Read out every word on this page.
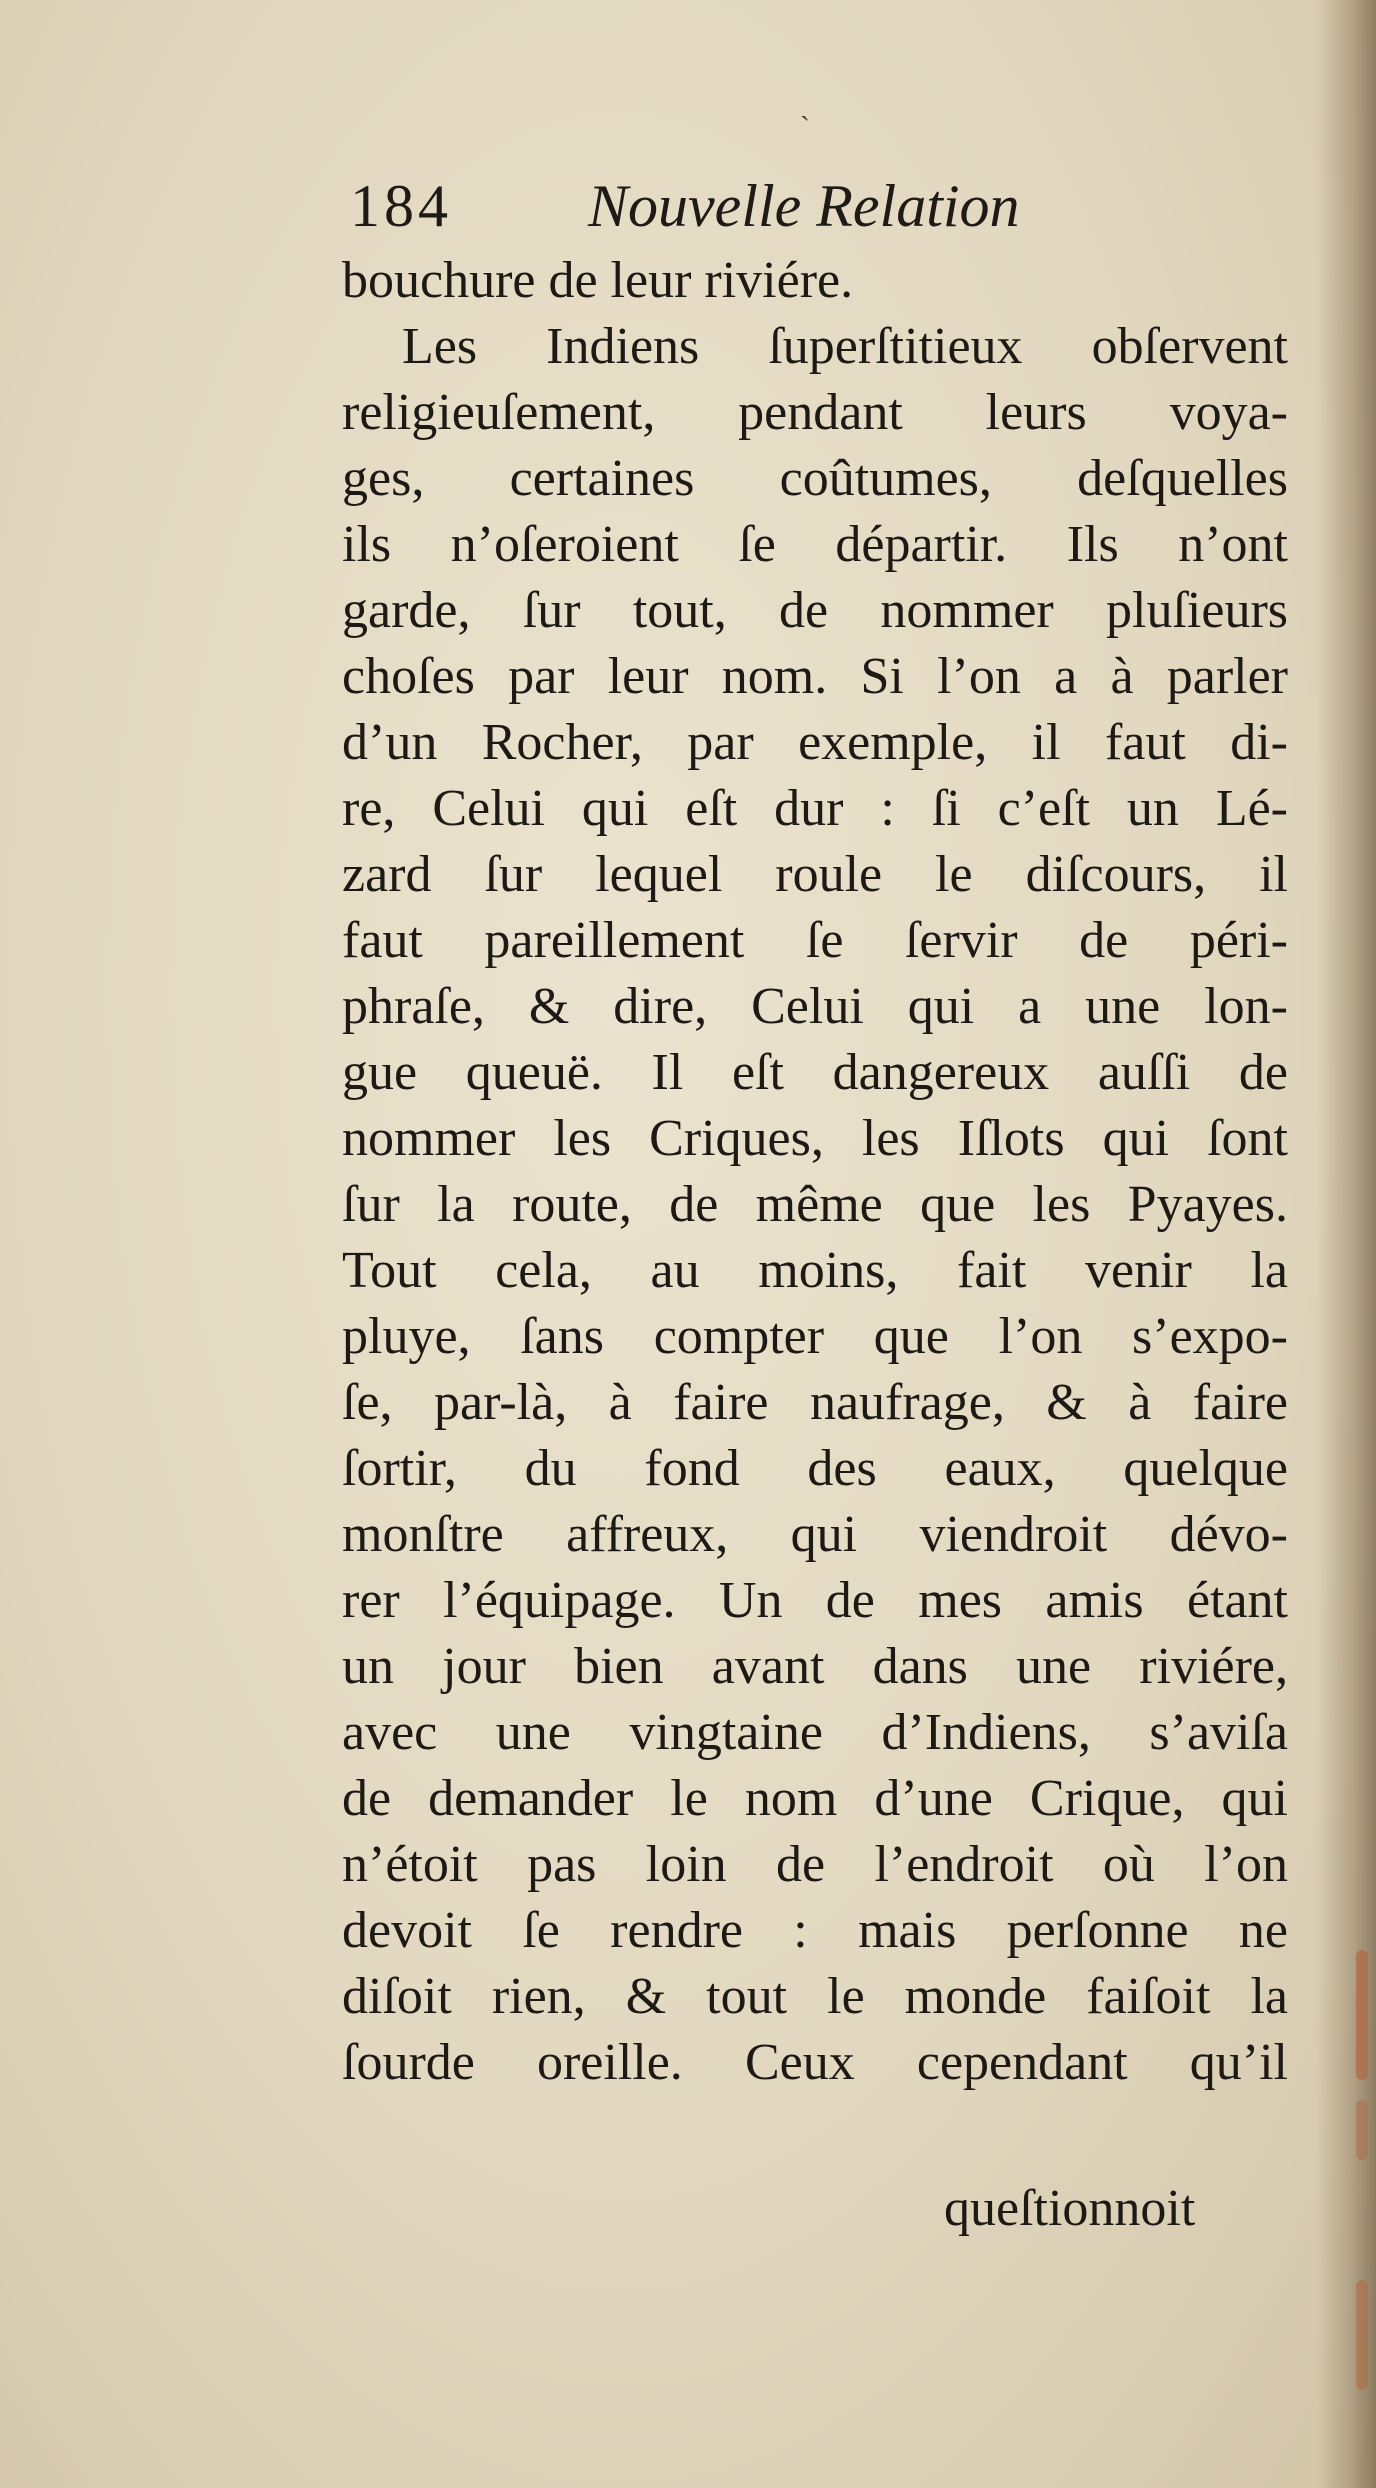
ˎ
184 Nouvelle Relation
bouchure de leur riviére.
Les Indiens ſuperſtitieux obſervent
religieuſement, pendant leurs voya-
ges, certaines coûtumes, deſquelles
ils n’oſeroient ſe départir. Ils n’ont
garde, ſur tout, de nommer pluſieurs
choſes par leur nom. Si l’on a à parler
d’un Rocher, par exemple, il faut di-
re, Celui qui eſt dur : ſi c’eſt un Lé-
zard ſur lequel roule le diſcours, il
faut pareillement ſe ſervir de péri-
phraſe, & dire, Celui qui a une lon-
gue queuë. Il eſt dangereux auſſi de
nommer les Criques, les Iſlots qui ſont
ſur la route, de même que les Pyayes.
Tout cela, au moins, fait venir la
pluye, ſans compter que l’on s’expo-
ſe, par-là, à faire naufrage, & à faire
ſortir, du fond des eaux, quelque
monſtre affreux, qui viendroit dévo-
rer l’équipage. Un de mes amis étant
un jour bien avant dans une riviére,
avec une vingtaine d’Indiens, s’aviſa
de demander le nom d’une Crique, qui
n’étoit pas loin de l’endroit où l’on
devoit ſe rendre : mais perſonne ne
diſoit rien, & tout le monde faiſoit la
ſourde oreille. Ceux cependant qu’il
queſtionnoit
